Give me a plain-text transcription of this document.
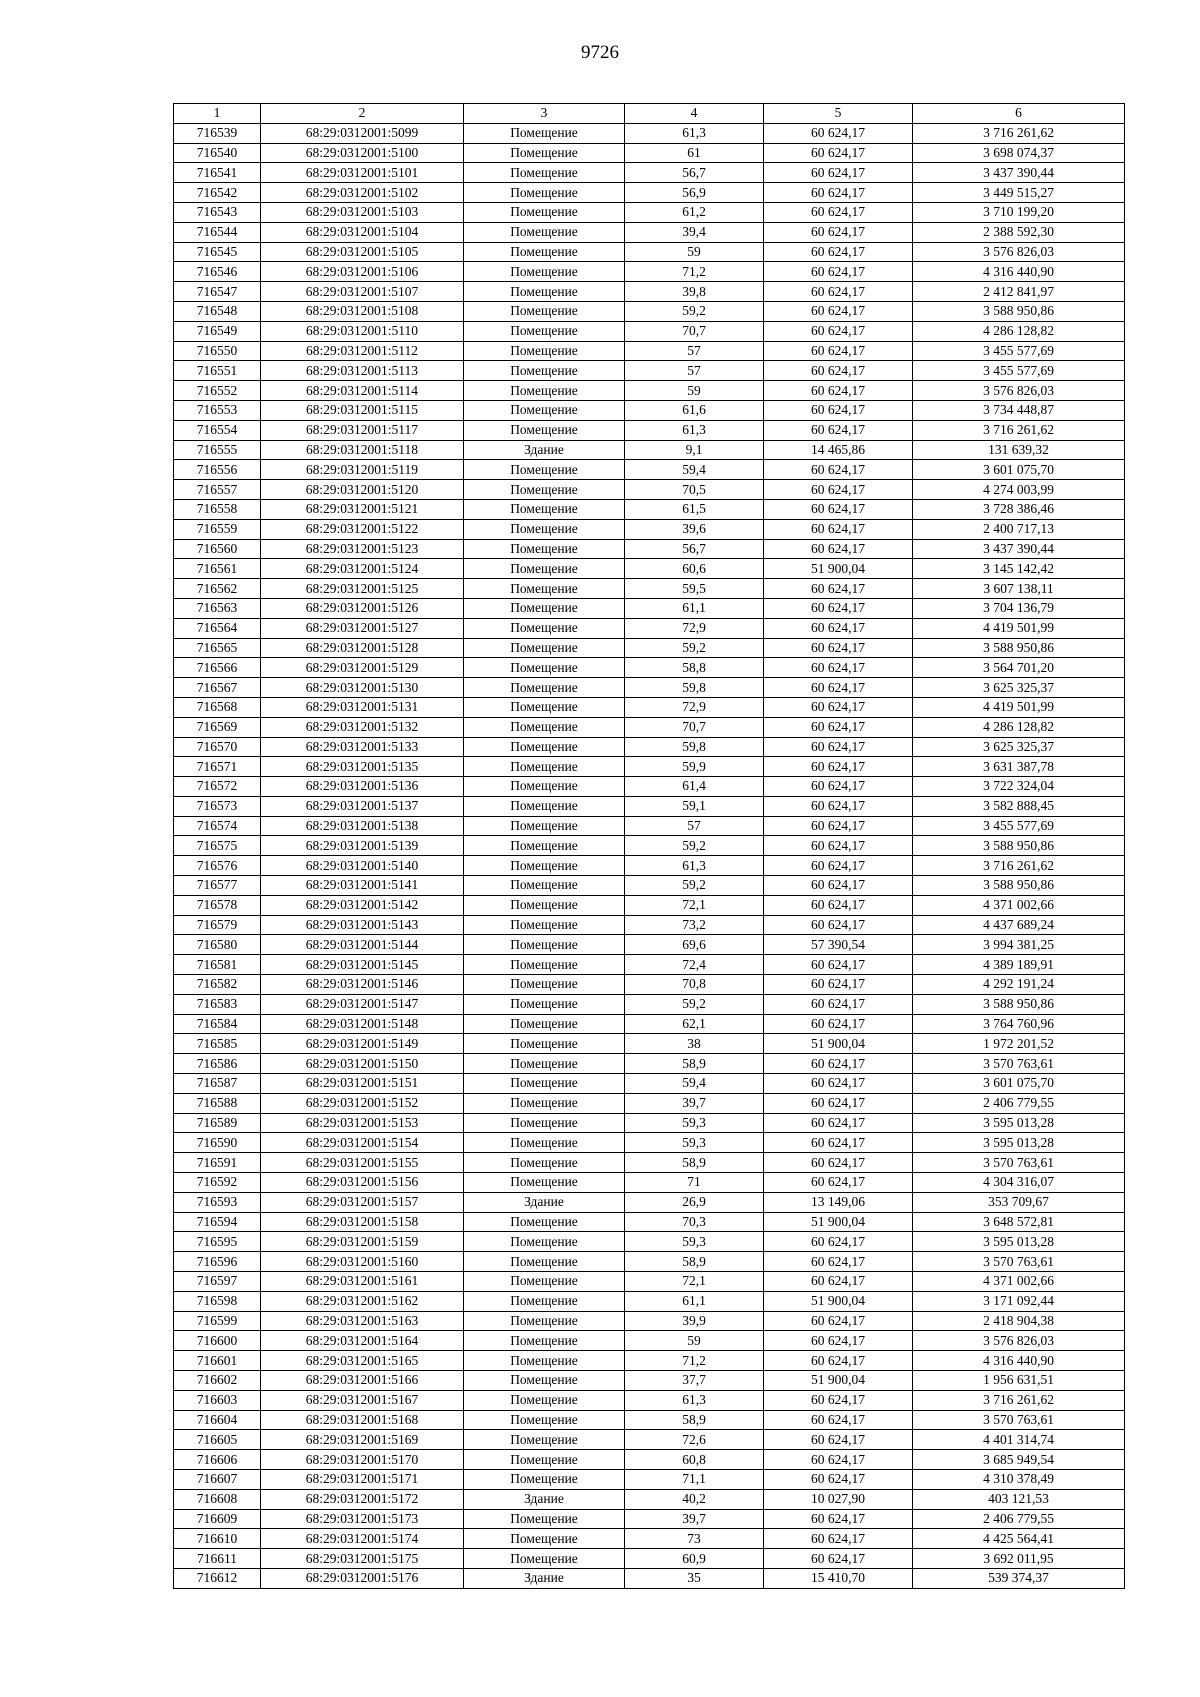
9726
1	2	3	4	5	6
716539	68:29:0312001:5099	Помещение	61,3	60 624,17	3 716 261,62
716540	68:29:0312001:5100	Помещение	61	60 624,17	3 698 074,37
716541	68:29:0312001:5101	Помещение	56,7	60 624,17	3 437 390,44
716542	68:29:0312001:5102	Помещение	56,9	60 624,17	3 449 515,27
716543	68:29:0312001:5103	Помещение	61,2	60 624,17	3 710 199,20
716544	68:29:0312001:5104	Помещение	39,4	60 624,17	2 388 592,30
716545	68:29:0312001:5105	Помещение	59	60 624,17	3 576 826,03
716546	68:29:0312001:5106	Помещение	71,2	60 624,17	4 316 440,90
716547	68:29:0312001:5107	Помещение	39,8	60 624,17	2 412 841,97
716548	68:29:0312001:5108	Помещение	59,2	60 624,17	3 588 950,86
716549	68:29:0312001:5110	Помещение	70,7	60 624,17	4 286 128,82
716550	68:29:0312001:5112	Помещение	57	60 624,17	3 455 577,69
716551	68:29:0312001:5113	Помещение	57	60 624,17	3 455 577,69
716552	68:29:0312001:5114	Помещение	59	60 624,17	3 576 826,03
716553	68:29:0312001:5115	Помещение	61,6	60 624,17	3 734 448,87
716554	68:29:0312001:5117	Помещение	61,3	60 624,17	3 716 261,62
716555	68:29:0312001:5118	Здание	9,1	14 465,86	131 639,32
716556	68:29:0312001:5119	Помещение	59,4	60 624,17	3 601 075,70
716557	68:29:0312001:5120	Помещение	70,5	60 624,17	4 274 003,99
716558	68:29:0312001:5121	Помещение	61,5	60 624,17	3 728 386,46
716559	68:29:0312001:5122	Помещение	39,6	60 624,17	2 400 717,13
716560	68:29:0312001:5123	Помещение	56,7	60 624,17	3 437 390,44
716561	68:29:0312001:5124	Помещение	60,6	51 900,04	3 145 142,42
716562	68:29:0312001:5125	Помещение	59,5	60 624,17	3 607 138,11
716563	68:29:0312001:5126	Помещение	61,1	60 624,17	3 704 136,79
716564	68:29:0312001:5127	Помещение	72,9	60 624,17	4 419 501,99
716565	68:29:0312001:5128	Помещение	59,2	60 624,17	3 588 950,86
716566	68:29:0312001:5129	Помещение	58,8	60 624,17	3 564 701,20
716567	68:29:0312001:5130	Помещение	59,8	60 624,17	3 625 325,37
716568	68:29:0312001:5131	Помещение	72,9	60 624,17	4 419 501,99
716569	68:29:0312001:5132	Помещение	70,7	60 624,17	4 286 128,82
716570	68:29:0312001:5133	Помещение	59,8	60 624,17	3 625 325,37
716571	68:29:0312001:5135	Помещение	59,9	60 624,17	3 631 387,78
716572	68:29:0312001:5136	Помещение	61,4	60 624,17	3 722 324,04
716573	68:29:0312001:5137	Помещение	59,1	60 624,17	3 582 888,45
716574	68:29:0312001:5138	Помещение	57	60 624,17	3 455 577,69
716575	68:29:0312001:5139	Помещение	59,2	60 624,17	3 588 950,86
716576	68:29:0312001:5140	Помещение	61,3	60 624,17	3 716 261,62
716577	68:29:0312001:5141	Помещение	59,2	60 624,17	3 588 950,86
716578	68:29:0312001:5142	Помещение	72,1	60 624,17	4 371 002,66
716579	68:29:0312001:5143	Помещение	73,2	60 624,17	4 437 689,24
716580	68:29:0312001:5144	Помещение	69,6	57 390,54	3 994 381,25
716581	68:29:0312001:5145	Помещение	72,4	60 624,17	4 389 189,91
716582	68:29:0312001:5146	Помещение	70,8	60 624,17	4 292 191,24
716583	68:29:0312001:5147	Помещение	59,2	60 624,17	3 588 950,86
716584	68:29:0312001:5148	Помещение	62,1	60 624,17	3 764 760,96
716585	68:29:0312001:5149	Помещение	38	51 900,04	1 972 201,52
716586	68:29:0312001:5150	Помещение	58,9	60 624,17	3 570 763,61
716587	68:29:0312001:5151	Помещение	59,4	60 624,17	3 601 075,70
716588	68:29:0312001:5152	Помещение	39,7	60 624,17	2 406 779,55
716589	68:29:0312001:5153	Помещение	59,3	60 624,17	3 595 013,28
716590	68:29:0312001:5154	Помещение	59,3	60 624,17	3 595 013,28
716591	68:29:0312001:5155	Помещение	58,9	60 624,17	3 570 763,61
716592	68:29:0312001:5156	Помещение	71	60 624,17	4 304 316,07
716593	68:29:0312001:5157	Здание	26,9	13 149,06	353 709,67
716594	68:29:0312001:5158	Помещение	70,3	51 900,04	3 648 572,81
716595	68:29:0312001:5159	Помещение	59,3	60 624,17	3 595 013,28
716596	68:29:0312001:5160	Помещение	58,9	60 624,17	3 570 763,61
716597	68:29:0312001:5161	Помещение	72,1	60 624,17	4 371 002,66
716598	68:29:0312001:5162	Помещение	61,1	51 900,04	3 171 092,44
716599	68:29:0312001:5163	Помещение	39,9	60 624,17	2 418 904,38
716600	68:29:0312001:5164	Помещение	59	60 624,17	3 576 826,03
716601	68:29:0312001:5165	Помещение	71,2	60 624,17	4 316 440,90
716602	68:29:0312001:5166	Помещение	37,7	51 900,04	1 956 631,51
716603	68:29:0312001:5167	Помещение	61,3	60 624,17	3 716 261,62
716604	68:29:0312001:5168	Помещение	58,9	60 624,17	3 570 763,61
716605	68:29:0312001:5169	Помещение	72,6	60 624,17	4 401 314,74
716606	68:29:0312001:5170	Помещение	60,8	60 624,17	3 685 949,54
716607	68:29:0312001:5171	Помещение	71,1	60 624,17	4 310 378,49
716608	68:29:0312001:5172	Здание	40,2	10 027,90	403 121,53
716609	68:29:0312001:5173	Помещение	39,7	60 624,17	2 406 779,55
716610	68:29:0312001:5174	Помещение	73	60 624,17	4 425 564,41
716611	68:29:0312001:5175	Помещение	60,9	60 624,17	3 692 011,95
716612	68:29:0312001:5176	Здание	35	15 410,70	539 374,37
